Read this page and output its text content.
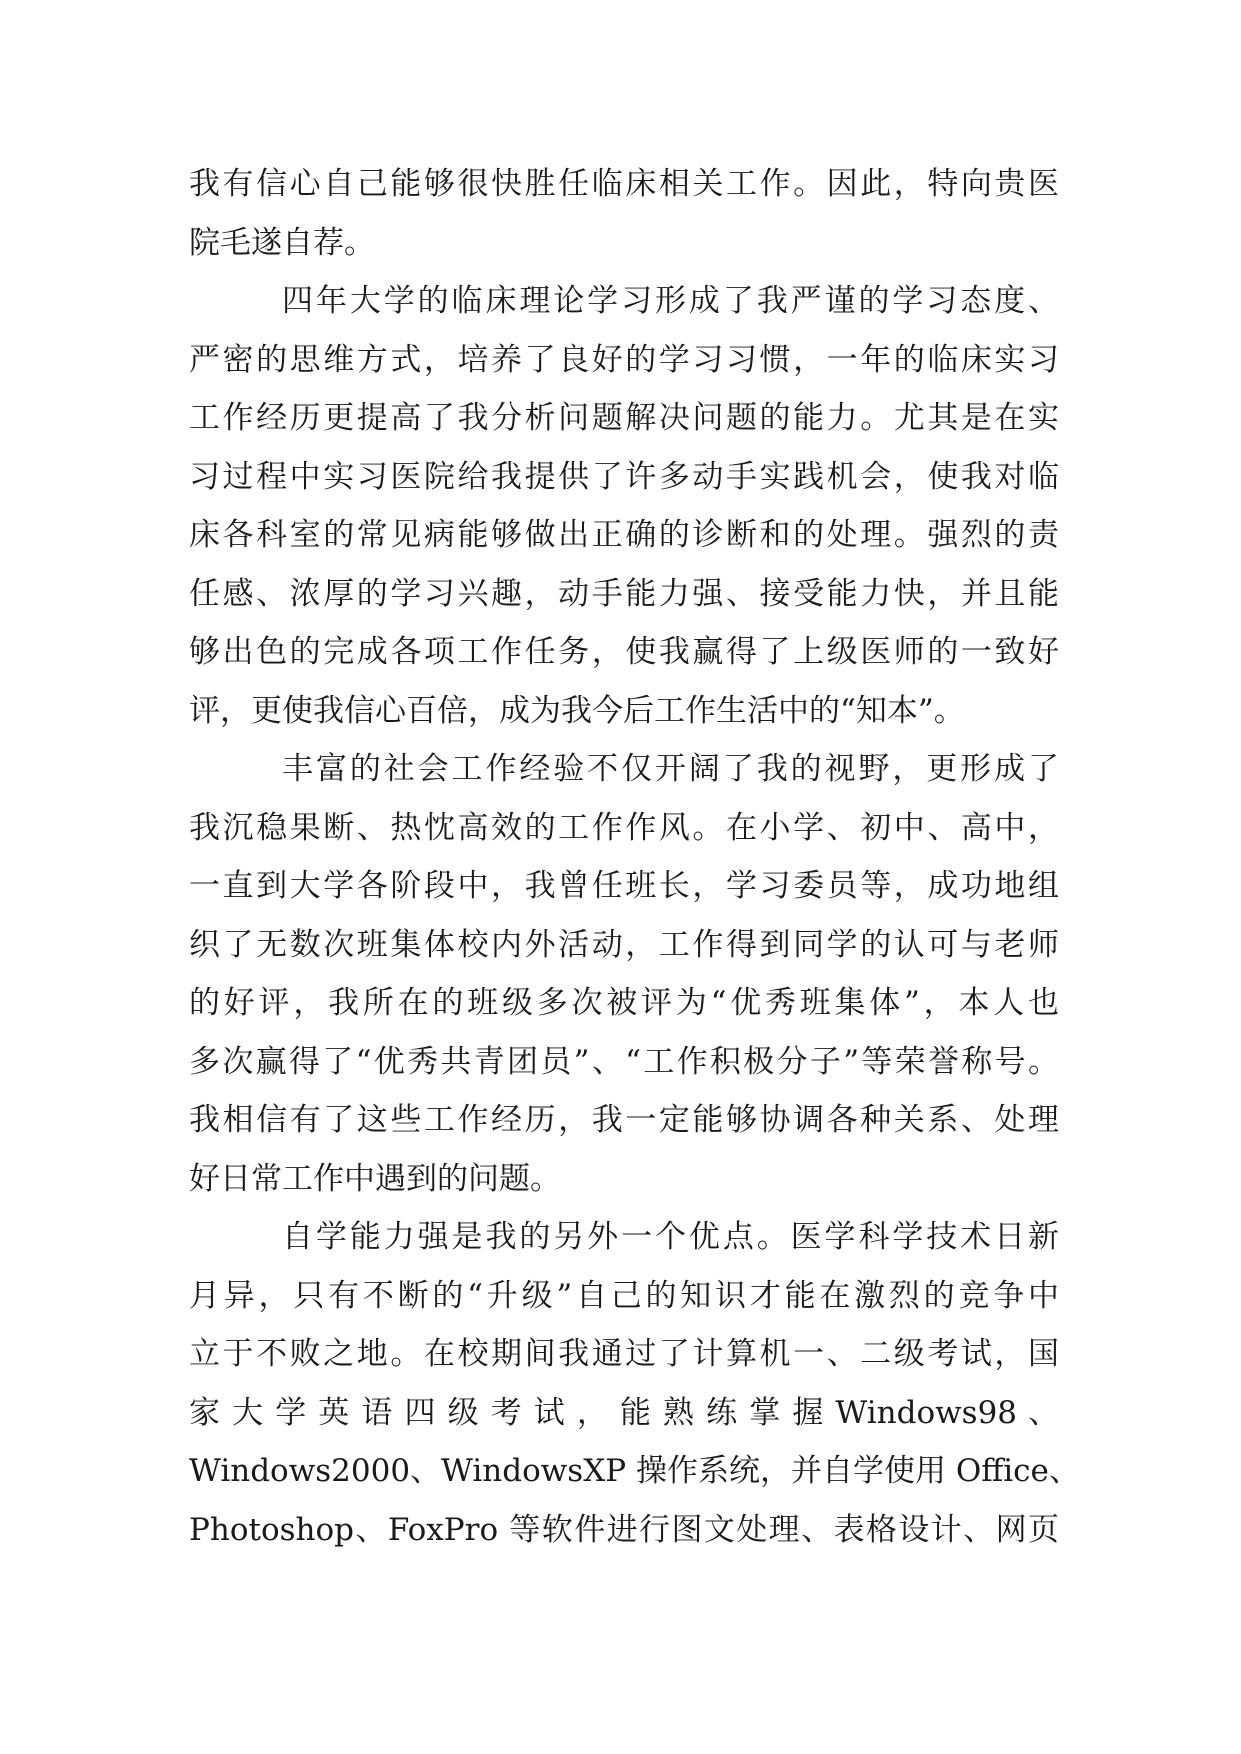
我有信心自己能够很快胜任临床相关工作。因此，特向贵医
院毛遂自荐。
四年大学的临床理论学习形成了我严谨的学习态度、
严密的思维方式，培养了良好的学习习惯，一年的临床实习
工作经历更提高了我分析问题解决问题的能力。尤其是在实
习过程中实习医院给我提供了许多动手实践机会，使我对临
床各科室的常见病能够做出正确的诊断和的处理。强烈的责
任感、浓厚的学习兴趣，动手能力强、接受能力快，并且能
够出色的完成各项工作任务，使我赢得了上级医师的一致好
评，更使我信心百倍，成为我今后工作生活中的“知本”。
丰富的社会工作经验不仅开阔了我的视野，更形成了
我沉稳果断、热忱高效的工作作风。在小学、初中、高中，
一直到大学各阶段中，我曾任班长，学习委员等，成功地组
织了无数次班集体校内外活动，工作得到同学的认可与老师
的好评，我所在的班级多次被评为“优秀班集体”，本人也
多次赢得了“优秀共青团员”、“工作积极分子”等荣誉称号。
我相信有了这些工作经历，我一定能够协调各种关系、处理
好日常工作中遇到的问题。
自学能力强是我的另外一个优点。医学科学技术日新
月异，只有不断的“升级”自己的知识才能在激烈的竞争中
立于不败之地。在校期间我通过了计算机一、二级考试，国
家 大 学 英 语 四 级 考 试 ， 能 熟 练 掌 握 Windows98 、
Windows2000、WindowsXP 操作系统，并自学使用 Office、
Photoshop、FoxPro 等软件进行图文处理、表格设计、网页
